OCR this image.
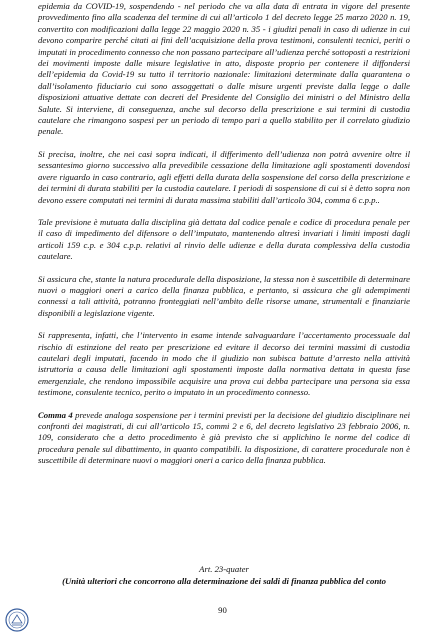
epidemia da COVID-19, sospendendo - nel periodo che va alla data di entrata in vigore del presente provvedimento fino alla scadenza del termine di cui all’articolo 1 del decreto legge 25 marzo 2020 n. 19, convertito con modificazioni dalla legge 22 maggio 2020 n. 35 - i giudizi penali in caso di udienze in cui devono comparire perché citati ai fini dell’acquisizione della prova testimoni, consulenti tecnici, periti o imputati in procedimento connesso che non possano partecipare all’udienza perché sottoposti a restrizioni dei movimenti imposte dalle misure legislative in atto, disposte proprio per contenere il diffondersi dell’epidemia da Covid-19 su tutto il territorio nazionale: limitazioni determinate dalla quarantena o dall’isolamento fiduciario cui sono assoggettati o dalle misure urgenti previste dalla legge o dalle disposizioni attuative dettate con decreti del Presidente del Consiglio dei ministri o del Ministro della Salute. Si interviene, di conseguenza, anche sul decorso della prescrizione e sui termini di custodia cautelare che rimangono sospesi per un periodo di tempo pari a quello stabilito per il correlato giudizio penale.

Si precisa, inoltre, che nei casi sopra indicati, il differimento dell’udienza non potrà avvenire oltre il sessantesimo giorno successivo alla prevedibile cessazione della limitazione agli spostamenti dovendosi avere riguardo in caso contrario, agli effetti della durata della sospensione del corso della prescrizione e dei termini di durata stabiliti per la custodia cautelare. I periodi di sospensione di cui si è detto sopra non devono essere computati nei termini di durata massima stabiliti dall’articolo 304, comma 6 c.p.p..

Tale previsione è mutuata dalla disciplina già dettata dal codice penale e codice di procedura penale per il caso di impedimento del difensore o dell’imputato, mantenendo altresì invariati i limiti imposti dagli articoli 159 c.p. e 304 c.p.p. relativi al rinvio delle udienze e della durata complessiva della custodia cautelare.

Si assicura che, stante la natura procedurale della disposizione, la stessa non è suscettibile di determinare nuovi o maggiori oneri a carico della finanza pubblica, e pertanto, si assicura che gli adempimenti connessi a tali attività, potranno fronteggiati nell’ambito delle risorse umane, strumentali e finanziarie disponibili a legislazione vigente.

Si rappresenta, infatti, che l’intervento in esame intende salvaguardare l’accertamento processuale dal rischio di estinzione del reato per prescrizione ed evitare il decorso dei termini massimi di custodia cautelari degli imputati, facendo in modo che il giudizio non subisca battute d’arresto nella attività istruttoria a causa delle limitazioni agli spostamenti imposte dalla normativa dettata in questa fase emergenziale, che rendono impossibile acquisire una prova cui debba partecipare una persona sia essa testimone, consulente tecnico, perito o imputato in un procedimento connesso.

Comma 4 prevede analoga sospensione per i termini previsti per la decisione del giudizio disciplinare nei confronti dei magistrati, di cui all’articolo 15, commi 2 e 6, del decreto legislativo 23 febbraio 2006, n. 109, considerato che a detto procedimento è già previsto che si applichino le norme del codice di procedura penale sul dibattimento, in quanto compatibili. la disposizione, di carattere procedurale non è suscettibile di determinare nuovi o maggiori oneri a carico della finanza pubblica.

Art. 23-quater

(Unità ulteriori che concorrono alla determinazione dei saldi di finanza pubblica del conto

90
